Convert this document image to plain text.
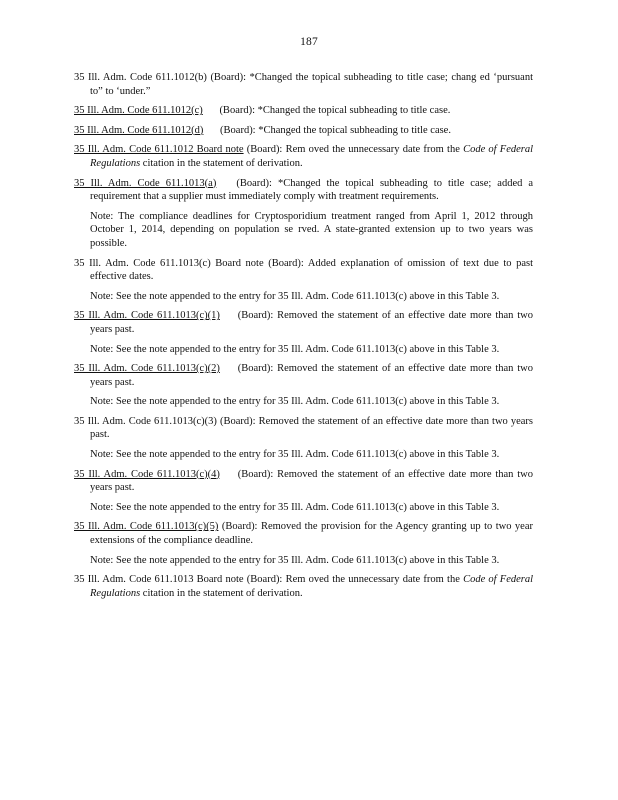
187

35 Ill. Adm. Code 611.1012(b) (Board): *Changed the topical subheading to title case; chang ed ‘pursuant to” to ‘under.”

35 Ill. Adm. Code 611.1012(c) (Board): *Changed the topical subheading to title case.

35 Ill. Adm. Code 611.1012(d) (Board): *Changed the topical subheading to title case.

35 Ill. Adm. Code 611.1012 Board note (Board): Rem oved the unnecessary date from the Code of Federal Regulations citation in the statement of derivation.

35 Ill. Adm. Code 611.1013(a) (Board): *Changed the topical subheading to title case; added a requirement that a supplier must immediately comply with treatment requirements.

Note: The compliance deadlines for Cryptosporidium treatment ranged from April 1, 2012 through October 1, 2014, depending on population se rved. A state-granted extension up to two years was possible.

35 Ill. Adm. Code 611.1013(c) Board note (Board): Added explanation of omission of text due to past effective dates.

Note: See the note appended to the entry for 35 Ill. Adm. Code 611.1013(c) above in this Table 3.

35 Ill. Adm. Code 611.1013(c)(1) (Board): Removed the statement of an effective date more than two years past.

Note: See the note appended to the entry for 35 Ill. Adm. Code 611.1013(c) above in this Table 3.

35 Ill. Adm. Code 611.1013(c)(2) (Board): Removed the statement of an effective date more than two years past.

Note: See the note appended to the entry for 35 Ill. Adm. Code 611.1013(c) above in this Table 3.

35 Ill. Adm. Code 611.1013(c)(3) (Board): Removed the statement of an effective date more than two years past.

Note: See the note appended to the entry for 35 Ill. Adm. Code 611.1013(c) above in this Table 3.

35 Ill. Adm. Code 611.1013(c)(4) (Board): Removed the statement of an effective date more than two years past.

Note: See the note appended to the entry for 35 Ill. Adm. Code 611.1013(c) above in this Table 3.

35 Ill. Adm. Code 611.1013(c)(5) (Board): Removed the provision for the Agency granting up to two year extensions of the compliance deadline.

Note: See the note appended to the entry for 35 Ill. Adm. Code 611.1013(c) above in this Table 3.

35 Ill. Adm. Code 611.1013 Board note (Board): Rem oved the unnecessary date from the Code of Federal Regulations citation in the statement of derivation.
